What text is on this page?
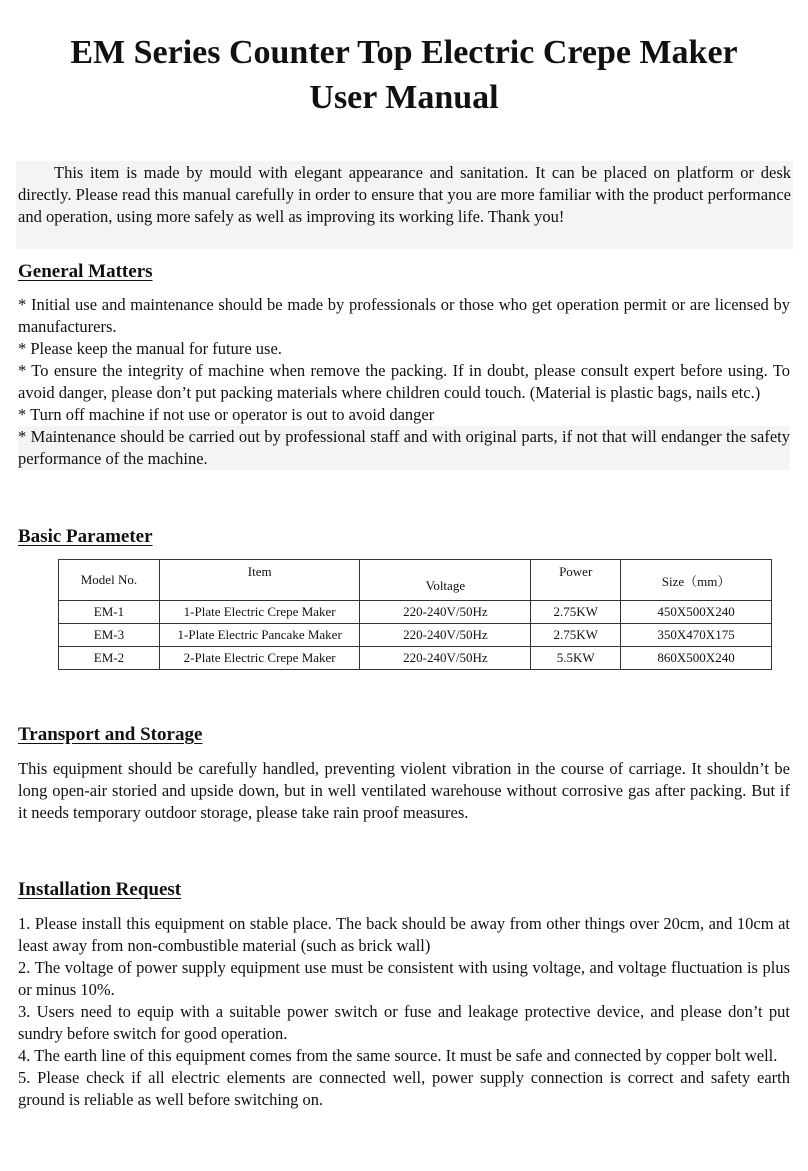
EM Series Counter Top Electric Crepe Maker
User Manual

This item is made by mould with elegant appearance and sanitation. It can be placed on platform or desk directly. Please read this manual carefully in order to ensure that you are more familiar with the product performance and operation, using more safely as well as improving its working life. Thank you!

General Matters
* Initial use and maintenance should be made by professionals or those who get operation permit or are licensed by manufacturers.
* Please keep the manual for future use.
* To ensure the integrity of machine when remove the packing. If in doubt, please consult expert before using. To avoid danger, please don’t put packing materials where children could touch. (Material is plastic bags, nails etc.)
* Turn off machine if not use or operator is out to avoid danger
* Maintenance should be carried out by professional staff and with original parts, if not that will endanger the safety performance of the machine.
Basic Parameter
Model No.	Item	Voltage	Power	Size（mm）
EM-1	1-Plate Electric Crepe Maker	220-240V/50Hz	2.75KW	450X500X240
EM-3	1-Plate Electric Pancake Maker	220-240V/50Hz	2.75KW	350X470X175
EM-2	2-Plate Electric Crepe Maker	220-240V/50Hz	5.5KW	860X500X240
Transport and Storage
This equipment should be carefully handled, preventing violent vibration in the course of carriage. It shouldn’t be long open-air storied and upside down, but in well ventilated warehouse without corrosive gas after packing. But if it needs temporary outdoor storage, please take rain proof measures.
Installation Request
1. Please install this equipment on stable place. The back should be away from other things over 20cm, and 10cm at least away from non-combustible material (such as brick wall)
2. The voltage of power supply equipment use must be consistent with using voltage, and voltage fluctuation is plus or minus 10%.
3. Users need to equip with a suitable power switch or fuse and leakage protective device, and please don’t put sundry before switch for good operation.
4. The earth line of this equipment comes from the same source. It must be safe and connected by copper bolt well.
5. Please check if all electric elements are connected well, power supply connection is correct and safety earth ground is reliable as well before switching on.
